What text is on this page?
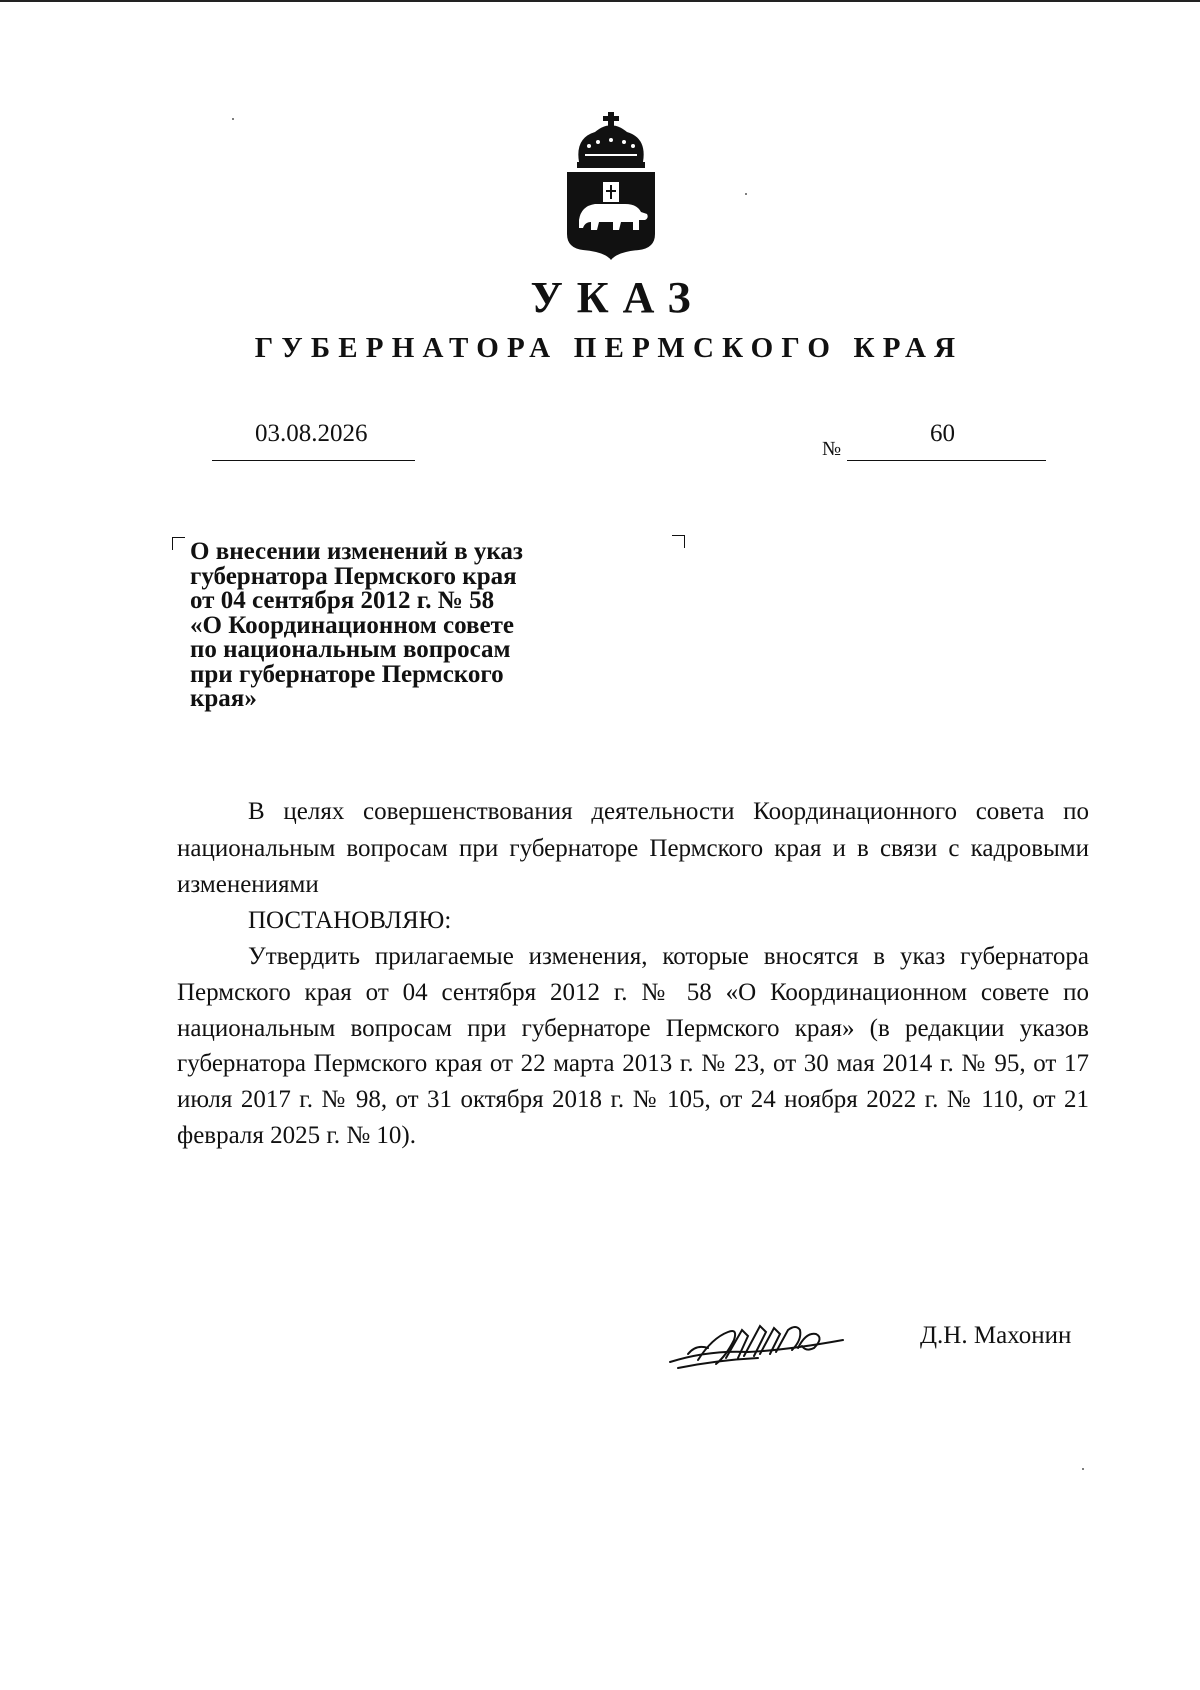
УКАЗ
ГУБЕРНАТОРА ПЕРМСКОГО КРАЯ
03.08.2026
№
60
О внесении изменений в указ
губернатора Пермского края
от 04 сентября 2012 г. № 58
«О Координационном совете
по национальным вопросам
при губернаторе Пермского
края»
В целях совершенствования деятельности Координационного совета по национальным вопросам при губернаторе Пермского края и в связи с кадровыми изменениями
ПОСТАНОВЛЯЮ:
Утвердить прилагаемые изменения, которые вносятся в указ губернатора Пермского края от 04 сентября 2012 г. № 58 «О Координационном совете по национальным вопросам при губернаторе Пермского края» (в редакции указов губернатора Пермского края от 22 марта 2013 г. № 23, от 30 мая 2014 г. № 95, от 17 июля 2017 г. № 98, от 31 октября 2018 г. № 105, от 24 ноября 2022 г. № 110, от 21 февраля 2025 г. № 10).
Д.Н. Махонин
